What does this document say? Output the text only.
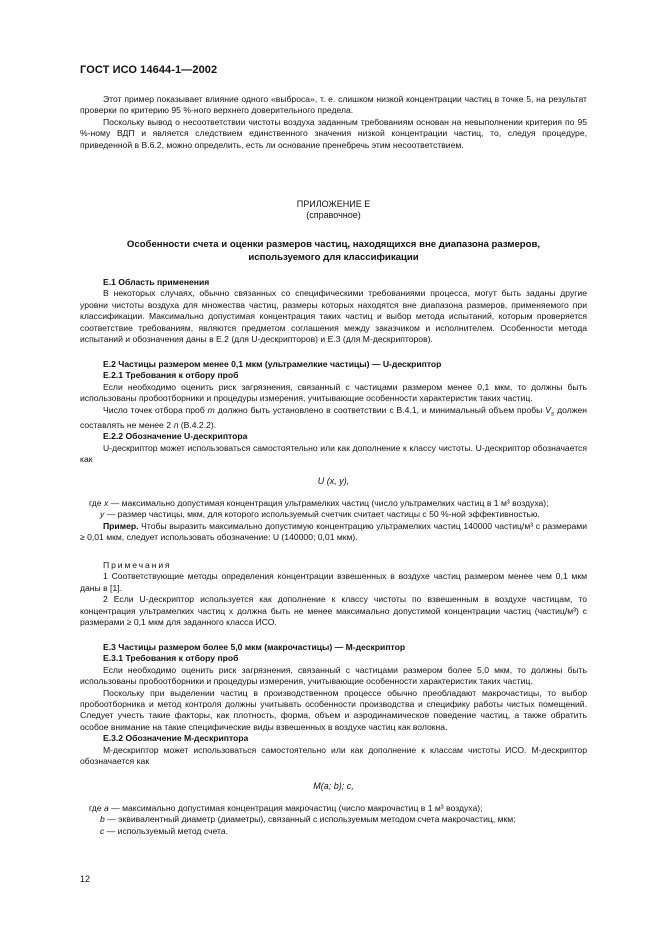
ГОСТ ИСО 14644-1—2002

Этот пример показывает влияние одного «выброса», т. е. слишком низкой концентрации частиц в точке 5, на результат проверки по критерию 95 %-ного верхнего доверительного предела.

Поскольку вывод о несоответствии чистоты воздуха заданным требованиям основан на невыполнении критерия по 95 %-ному ВДП и является следствием единственного значения низкой концентрации частиц, то, следуя процедуре, приведенной в В.6.2, можно определить, есть ли основание пренебречь этим несоответствием.

ПРИЛОЖЕНИЕ Е

(справочное)

Особенности счета и оценки размеров частиц, находящихся вне диапазона размеров, используемого для классификации

Е.1 Область применения

В некоторых случаях, обычно связанных со специфическими требованиями процесса, могут быть заданы другие уровни чистоты воздуха для множества частиц, размеры которых находятся вне диапазона размеров, применяемого при классификации. Максимально допустимая концентрация таких частиц и выбор метода испытаний, которым проверяется соответствие требованиям, являются предметом соглашения между заказчиком и исполнителем. Особенности метода испытаний и обозначения даны в Е.2 (для U-дескрипторов) и Е.3 (для М-дескрипторов).

Е.2 Частицы размером менее 0,1 мкм (ультрамелкие частицы) — U-дескриптор

Е.2.1 Требования к отбору проб

Если необходимо оценить риск загрязнения, связанный с частицами размером менее 0,1 мкм, то должны быть использованы пробоотборники и процедуры измерения, учитывающие особенности характеристик таких частиц.

Число точек отбора проб m должно быть установлено в соответствии с В.4.1, и минимальный объем пробы $V_s$ должен составлять не менее 2 л (В.4.2.2).

Е.2.2 Обозначение U-дескриптора

U-дескриптор может использоваться самостоятельно или как дополнение к классу чистоты. U-дескриптор обозначается как

U (x, y),

где x — максимально допустимая концентрация ультрамелких частиц (число ультрамелких частиц в 1 м³ воздуха);

y — размер частицы, мкм, для которого используемый счетчик считает частицы с 50 %-ной эффективностью.

Пример. Чтобы выразить максимально допустимую концентрацию ультрамелких частиц 140000 частиц/м³ с размерами ≥ 0,01 мкм, следует использовать обозначение: U (140000; 0,01 мкм).

Примечания

1 Соответствующие методы определения концентрации взвешенных в воздухе частиц размером менее чем 0,1 мкм даны в [1].

2 Если U-дескриптор используется как дополнение к классу чистоты по взвешенным в воздухе частицам, то концентрация ультрамелких частиц x должна быть не менее максимально допустимой концентрации частиц (частиц/м³) с размерами ≥ 0,1 мкм для заданного класса ИСО.

Е.3 Частицы размером более 5,0 мкм (макрочастицы) — М-дескриптор

Е.3.1 Требования к отбору проб

Если необходимо оценить риск загрязнения, связанный с частицами размером более 5,0 мкм, то должны быть использованы пробоотборники и процедуры измерения, учитывающие особенности характеристик таких частиц.

Поскольку при выделении частиц в производственном процессе обычно преобладают макрочастицы, то выбор пробоотборника и метод контроля должны учитывать особенности производства и специфику работы чистых помещений. Следует учесть такие факторы, как плотность, форма, объем и аэродинамическое поведение частиц, а также обратить особое внимание на такие специфические виды взвешенных в воздухе частиц как волокна.

Е.3.2 Обозначение М-дескриптора

М-дескриптор может использоваться самостоятельно или как дополнение к классам чистоты ИСО. М-дескриптор обозначается как

М(a; b); c,

где a — максимально допустимая концентрация макрочастиц (число макрочастиц в 1 м³ воздуха);

b — эквивалентный диаметр (диаметры), связанный с используемым методом счета макрочастиц, мкм;

c — используемый метод счета.

12
